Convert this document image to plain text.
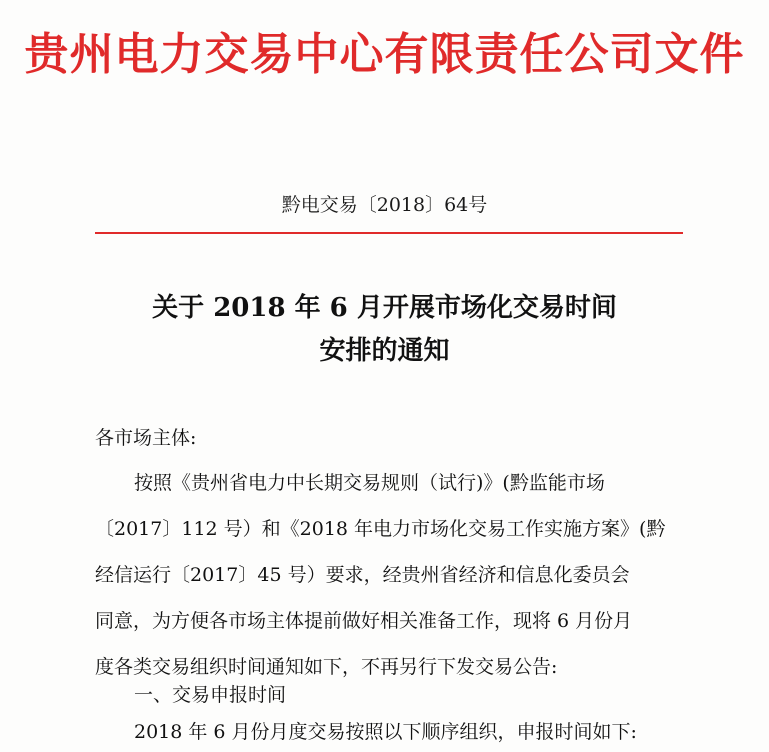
贵州电力交易中心有限责任公司文件
黔电交易〔2018〕64号
关于 2018 年 6 月开展市场化交易时间
安排的通知
各市场主体:
按照《贵州省电力中长期交易规则（试行)》(黔监能市场
〔2017〕112 号）和《2018 年电力市场化交易工作实施方案》(黔
经信运行〔2017〕45 号）要求，经贵州省经济和信息化委员会
同意，为方便各市场主体提前做好相关准备工作，现将 6 月份月
度各类交易组织时间通知如下，不再另行下发交易公告:
一、交易申报时间
2018 年 6 月份月度交易按照以下顺序组织，申报时间如下:
